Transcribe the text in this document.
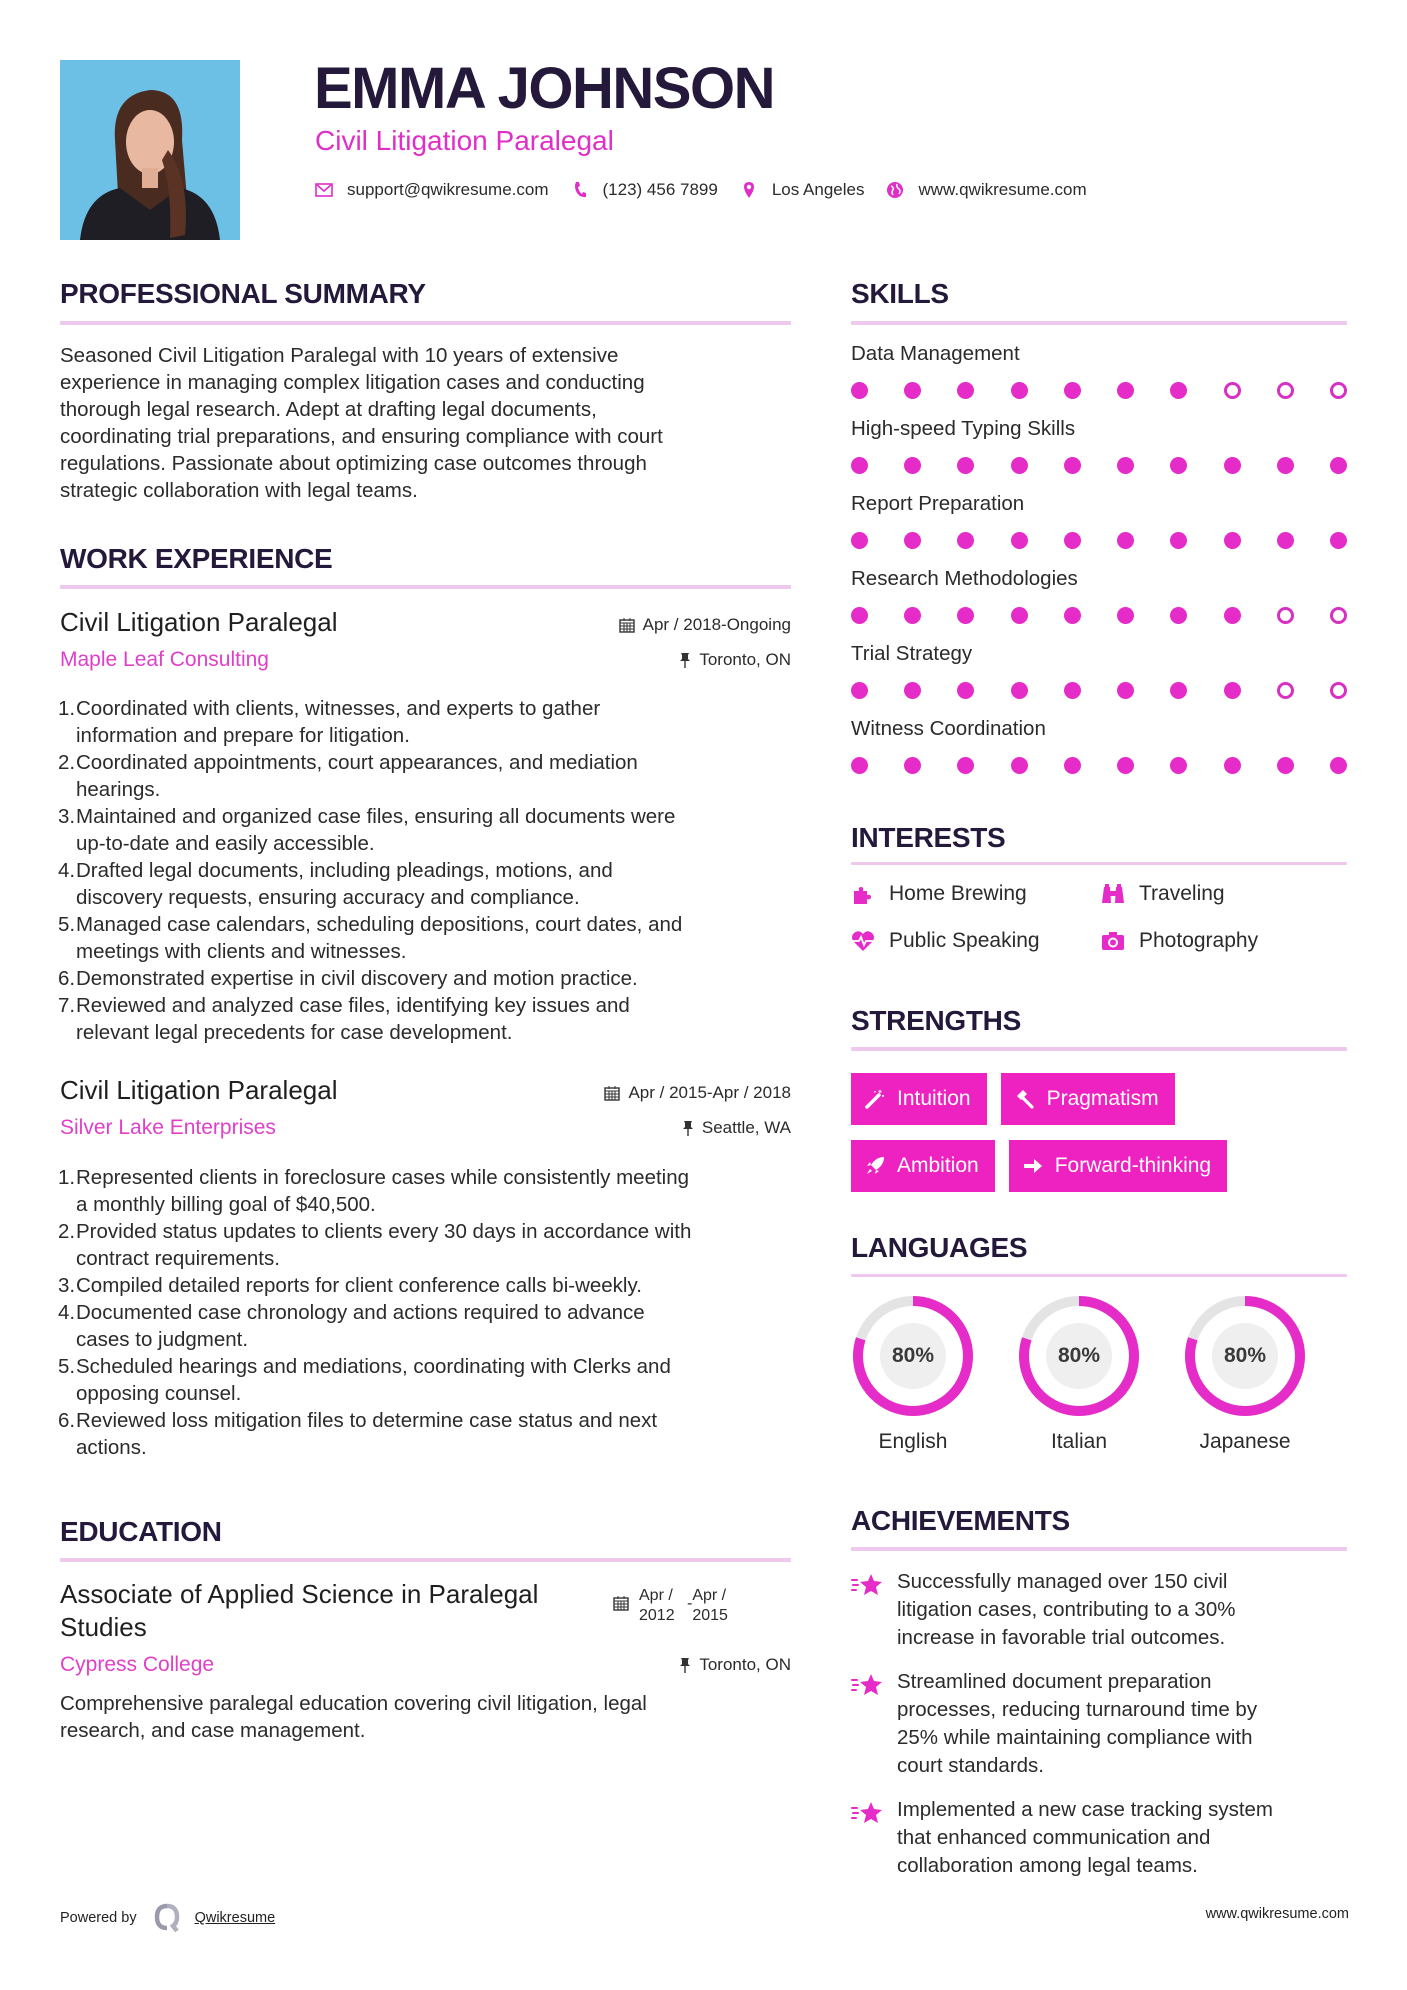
EMMA JOHNSON
Civil Litigation Paralegal
support@qwikresume.com	(123) 456 7899	Los Angeles	www.qwikresume.com
PROFESSIONAL SUMMARY
Seasoned Civil Litigation Paralegal with 10 years of extensive
experience in managing complex litigation cases and conducting
thorough legal research. Adept at drafting legal documents,
coordinating trial preparations, and ensuring compliance with court
regulations. Passionate about optimizing case outcomes through
strategic collaboration with legal teams.
WORK EXPERIENCE
Civil Litigation Paralegal
Maple Leaf Consulting
Apr / 2018-Ongoing
Toronto, ON
1. Coordinated with clients, witnesses, and experts to gather
information and prepare for litigation.
2. Coordinated appointments, court appearances, and mediation
hearings.
3. Maintained and organized case files, ensuring all documents were
up-to-date and easily accessible.
4. Drafted legal documents, including pleadings, motions, and
discovery requests, ensuring accuracy and compliance.
5. Managed case calendars, scheduling depositions, court dates, and
meetings with clients and witnesses.
6. Demonstrated expertise in civil discovery and motion practice.
7. Reviewed and analyzed case files, identifying key issues and
relevant legal precedents for case development.
Civil Litigation Paralegal
Silver Lake Enterprises
Apr / 2015-Apr / 2018
Seattle, WA
1. Represented clients in foreclosure cases while consistently meeting
a monthly billing goal of $40,500.
2. Provided status updates to clients every 30 days in accordance with
contract requirements.
3. Compiled detailed reports for client conference calls bi-weekly.
4. Documented case chronology and actions required to advance
cases to judgment.
5. Scheduled hearings and mediations, coordinating with Clerks and
opposing counsel.
6. Reviewed loss mitigation files to determine case status and next
actions.
EDUCATION
Associate of Applied Science in Paralegal
Studies
Apr /
2012
- Apr /
2015
Cypress College	Toronto, ON
Comprehensive paralegal education covering civil litigation, legal
research, and case management.
SKILLS
Data Management
High-speed Typing Skills
Report Preparation
Research Methodologies
Trial Strategy
Witness Coordination
INTERESTS
Home Brewing	Traveling
Public Speaking	Photography
STRENGTHS
Intuition	Pragmatism
Ambition	Forward-thinking
LANGUAGES
80%
English
80%
Italian
80%
Japanese
ACHIEVEMENTS
Successfully managed over 150 civil
litigation cases, contributing to a 30%
increase in favorable trial outcomes.
Streamlined document preparation
processes, reducing turnaround time by
25% while maintaining compliance with
court standards.
Implemented a new case tracking system
that enhanced communication and
collaboration among legal teams.
Powered by	Qwikresume	www.qwikresume.com
